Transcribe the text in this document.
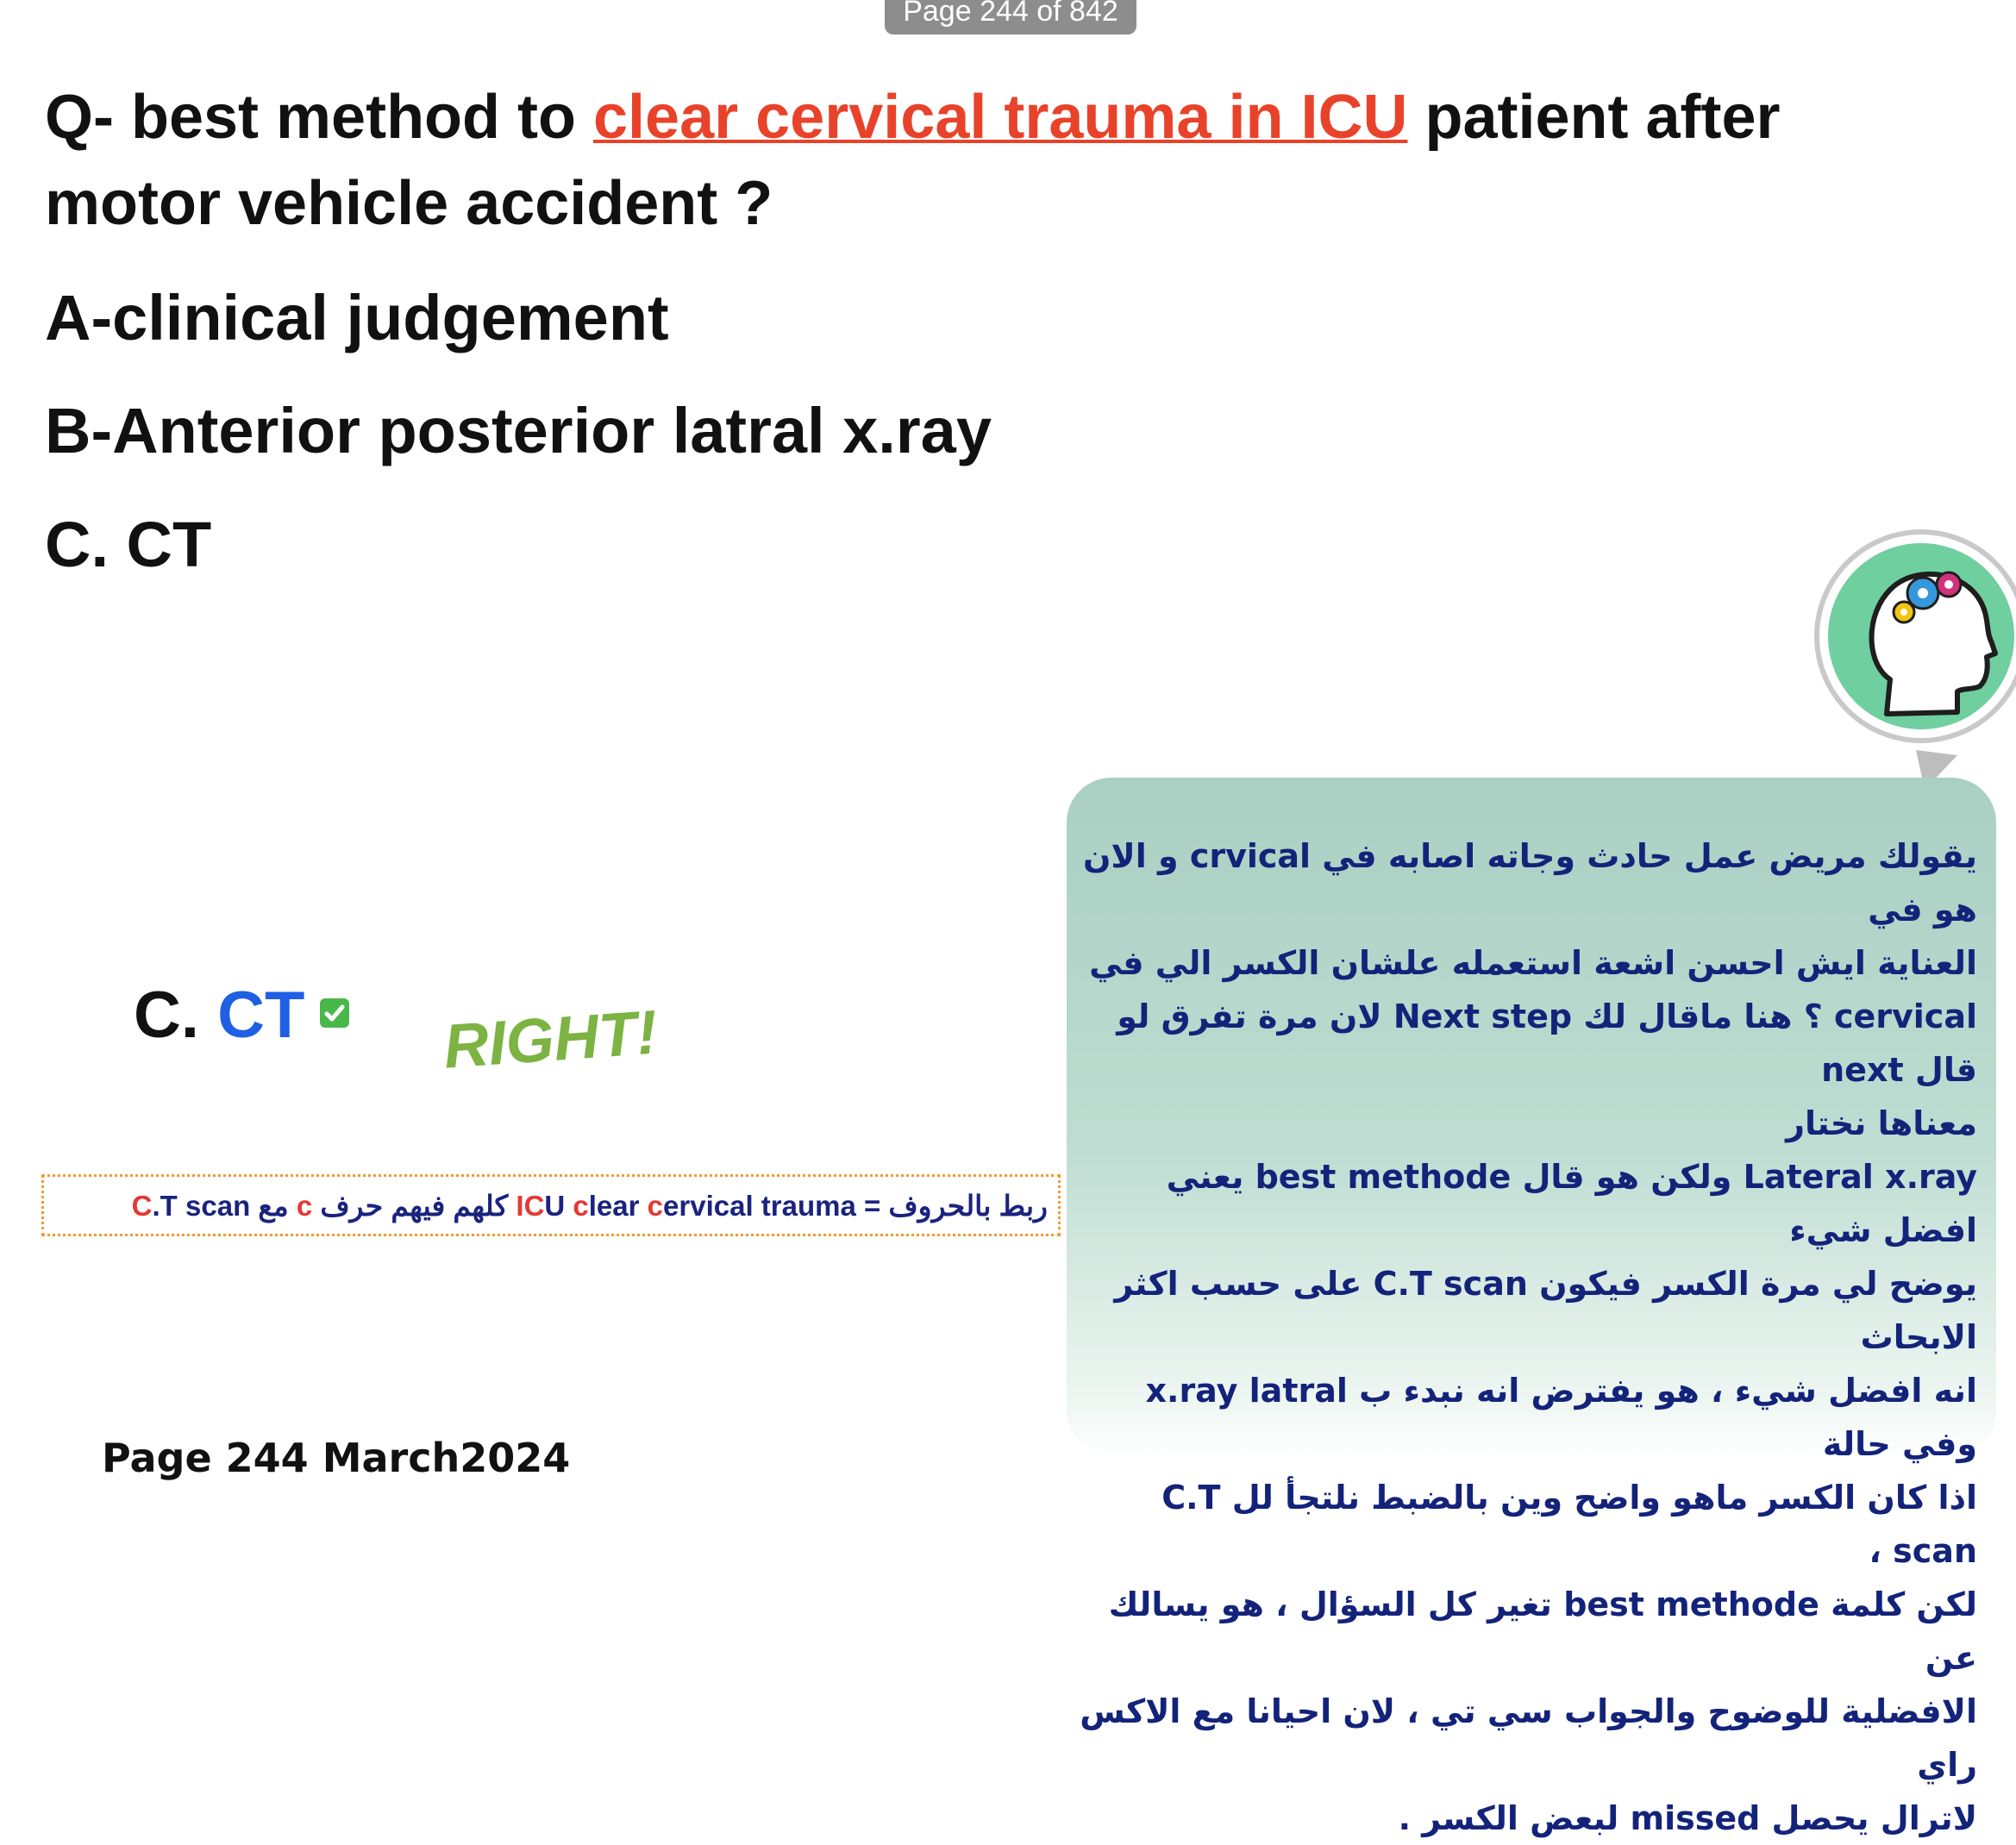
Page 244 of 842

Q- best method to clear cervical trauma in ICU patient after

motor vehicle accident ?

A-clinical judgement
B-Anterior posterior latral x.ray
C. CT
C. CT	RIGHT!
ربط بالحروف = ICU clear cervical trauma كلهم فيهم حرف c مع C.T scan
يقولك مريض عمل حادث وجاته اصابه في crvical و الان هو في
العناية ايش احسن اشعة استعمله علشان الكسر الي في
cervical ؟ هنا ماقال لك Next step لان مرة تفرق لو قال next
معناها نختار
Lateral x.ray ولكن هو قال best methode يعني افضل شيء
يوضح لي مرة الكسر فيكون C.T scan على حسب اكثر الابحاث
انه افضل شيء ، هو يفترض انه نبدء ب x.ray latral وفي حالة
اذا كان الكسر ماهو واضح وين بالضبط نلتجأ لل C.T scan ،
لكن كلمة best methode تغير كل السؤال ، هو يسالك عن
الافضلية للوضوح والجواب سي تي ، لان احيانا مع الاكس راي
لاترال يحصل missed لبعض الكسر .
Page 244 March2024
